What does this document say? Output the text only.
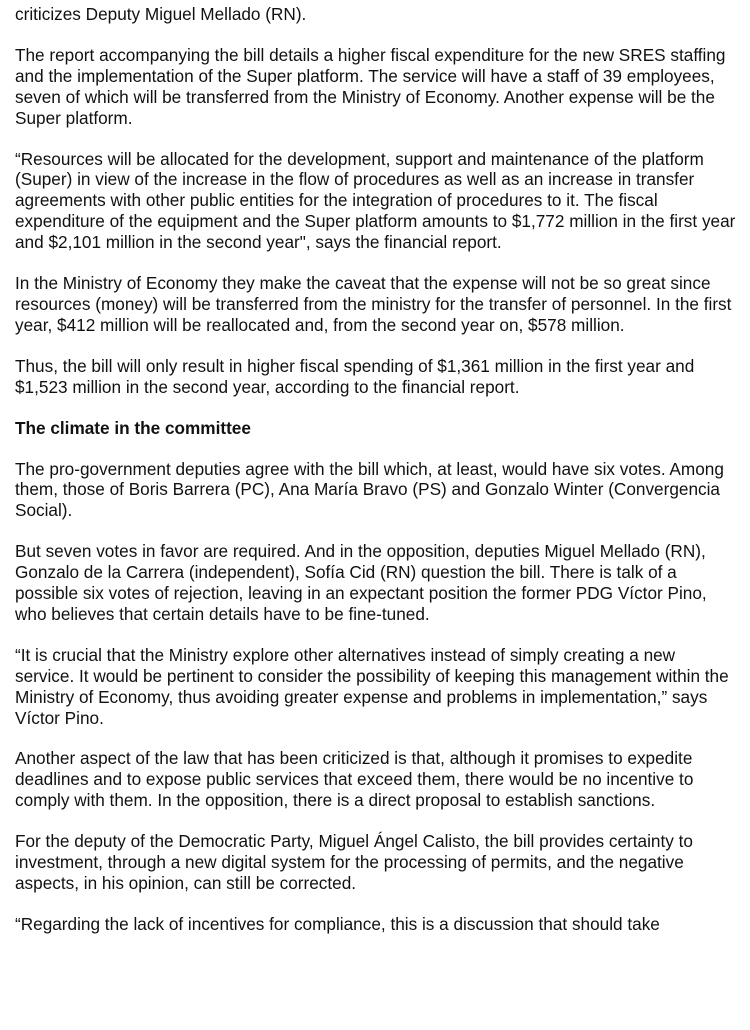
criticizes Deputy Miguel Mellado (RN).

The report accompanying the bill details a higher fiscal expenditure for the new SRES staffing and the implementation of the Super platform. The service will have a staff of 39 employees, seven of which will be transferred from the Ministry of Economy. Another expense will be the Super platform.

“Resources will be allocated for the development, support and maintenance of the platform (Super) in view of the increase in the flow of procedures as well as an increase in transfer agreements with other public entities for the integration of procedures to it. The fiscal expenditure of the equipment and the Super platform amounts to $1,772 million in the first year and $2,101 million in the second year", says the financial report.

In the Ministry of Economy they make the caveat that the expense will not be so great since resources (money) will be transferred from the ministry for the transfer of personnel. In the first year, $412 million will be reallocated and, from the second year on, $578 million.

Thus, the bill will only result in higher fiscal spending of $1,361 million in the first year and $1,523 million in the second year, according to the financial report.

The climate in the committee

The pro-government deputies agree with the bill which, at least, would have six votes. Among them, those of Boris Barrera (PC), Ana María Bravo (PS) and Gonzalo Winter (Convergencia Social).

But seven votes in favor are required. And in the opposition, deputies Miguel Mellado (RN), Gonzalo de la Carrera (independent), Sofía Cid (RN) question the bill. There is talk of a possible six votes of rejection, leaving in an expectant position the former PDG Víctor Pino, who believes that certain details have to be fine-tuned.

“It is crucial that the Ministry explore other alternatives instead of simply creating a new service. It would be pertinent to consider the possibility of keeping this management within the Ministry of Economy, thus avoiding greater expense and problems in implementation,” says Víctor Pino.

Another aspect of the law that has been criticized is that, although it promises to expedite deadlines and to expose public services that exceed them, there would be no incentive to comply with them. In the opposition, there is a direct proposal to establish sanctions.

For the deputy of the Democratic Party, Miguel Ángel Calisto, the bill provides certainty to investment, through a new digital system for the processing of permits, and the negative aspects, in his opinion, can still be corrected.

“Regarding the lack of incentives for compliance, this is a discussion that should take
